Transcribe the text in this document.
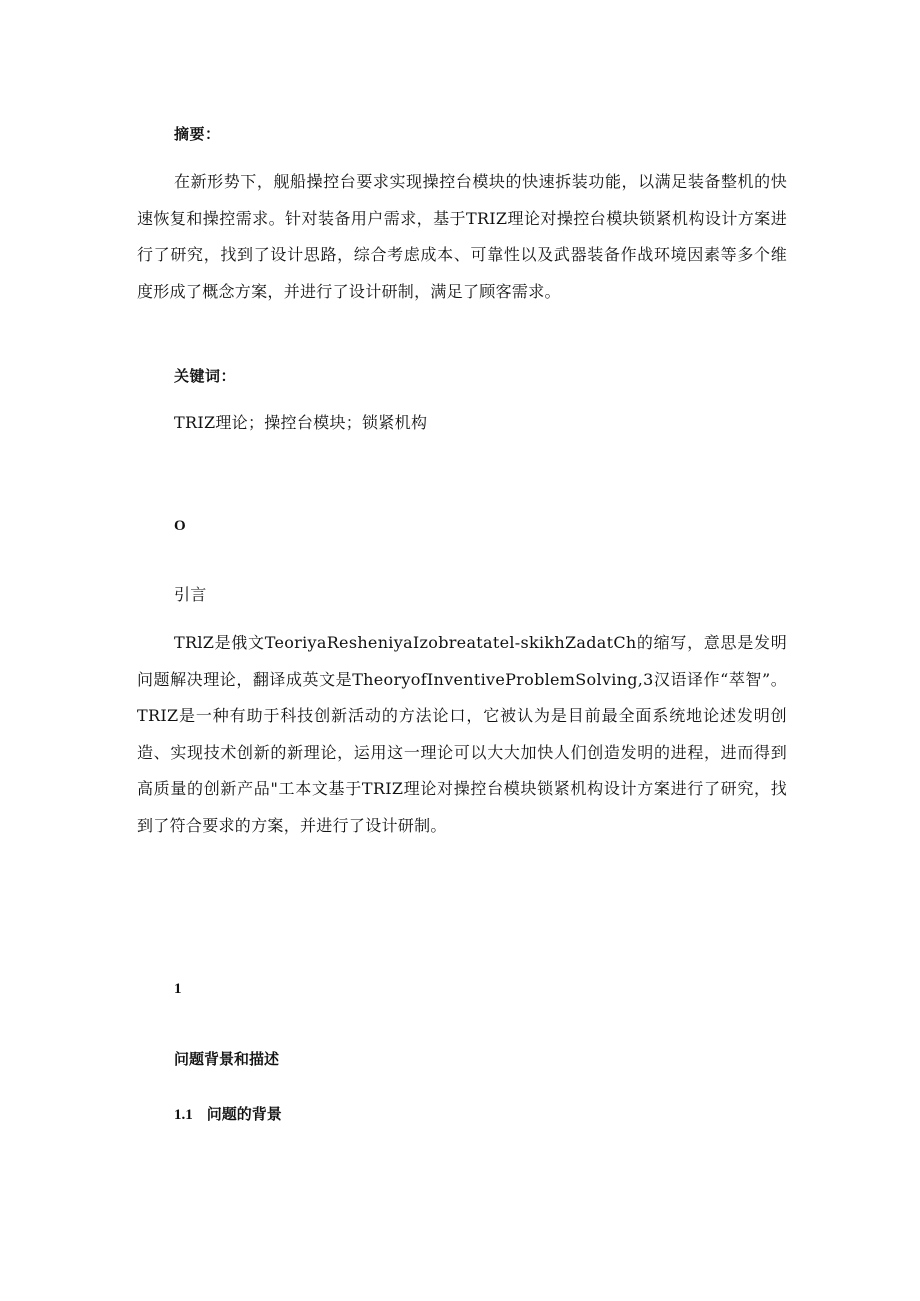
摘要：

在新形势下，舰船操控台要求实现操控台模块的快速拆装功能，以满足装备整机的快速恢复和操控需求。针对装备用户需求，基于TRIZ理论对操控台模块锁紧机构设计方案进行了研究，找到了设计思路，综合考虑成本、可靠性以及武器装备作战环境因素等多个维度形成了概念方案，并进行了设计研制，满足了顾客需求。

关键词：
TRIZ理论；操控台模块；锁紧机构
O
引言

TRlZ是俄文TeoriyaResheniyaIzobreatatel-skikhZadatCh的缩写，意思是发明问题解决理论，翻译成英文是TheoryofInventiveProblemSolving,3汉语译作“萃智”。TRIZ是一种有助于科技创新活动的方法论口，它被认为是目前最全面系统地论述发明创造、实现技术创新的新理论，运用这一理论可以大大加快人们创造发明的进程，进而得到高质量的创新产品"工本文基于TRIZ理论对操控台模块锁紧机构设计方案进行了研究，找到了符合要求的方案，并进行了设计研制。

1
问题背景和描述
1.1 问题的背景
